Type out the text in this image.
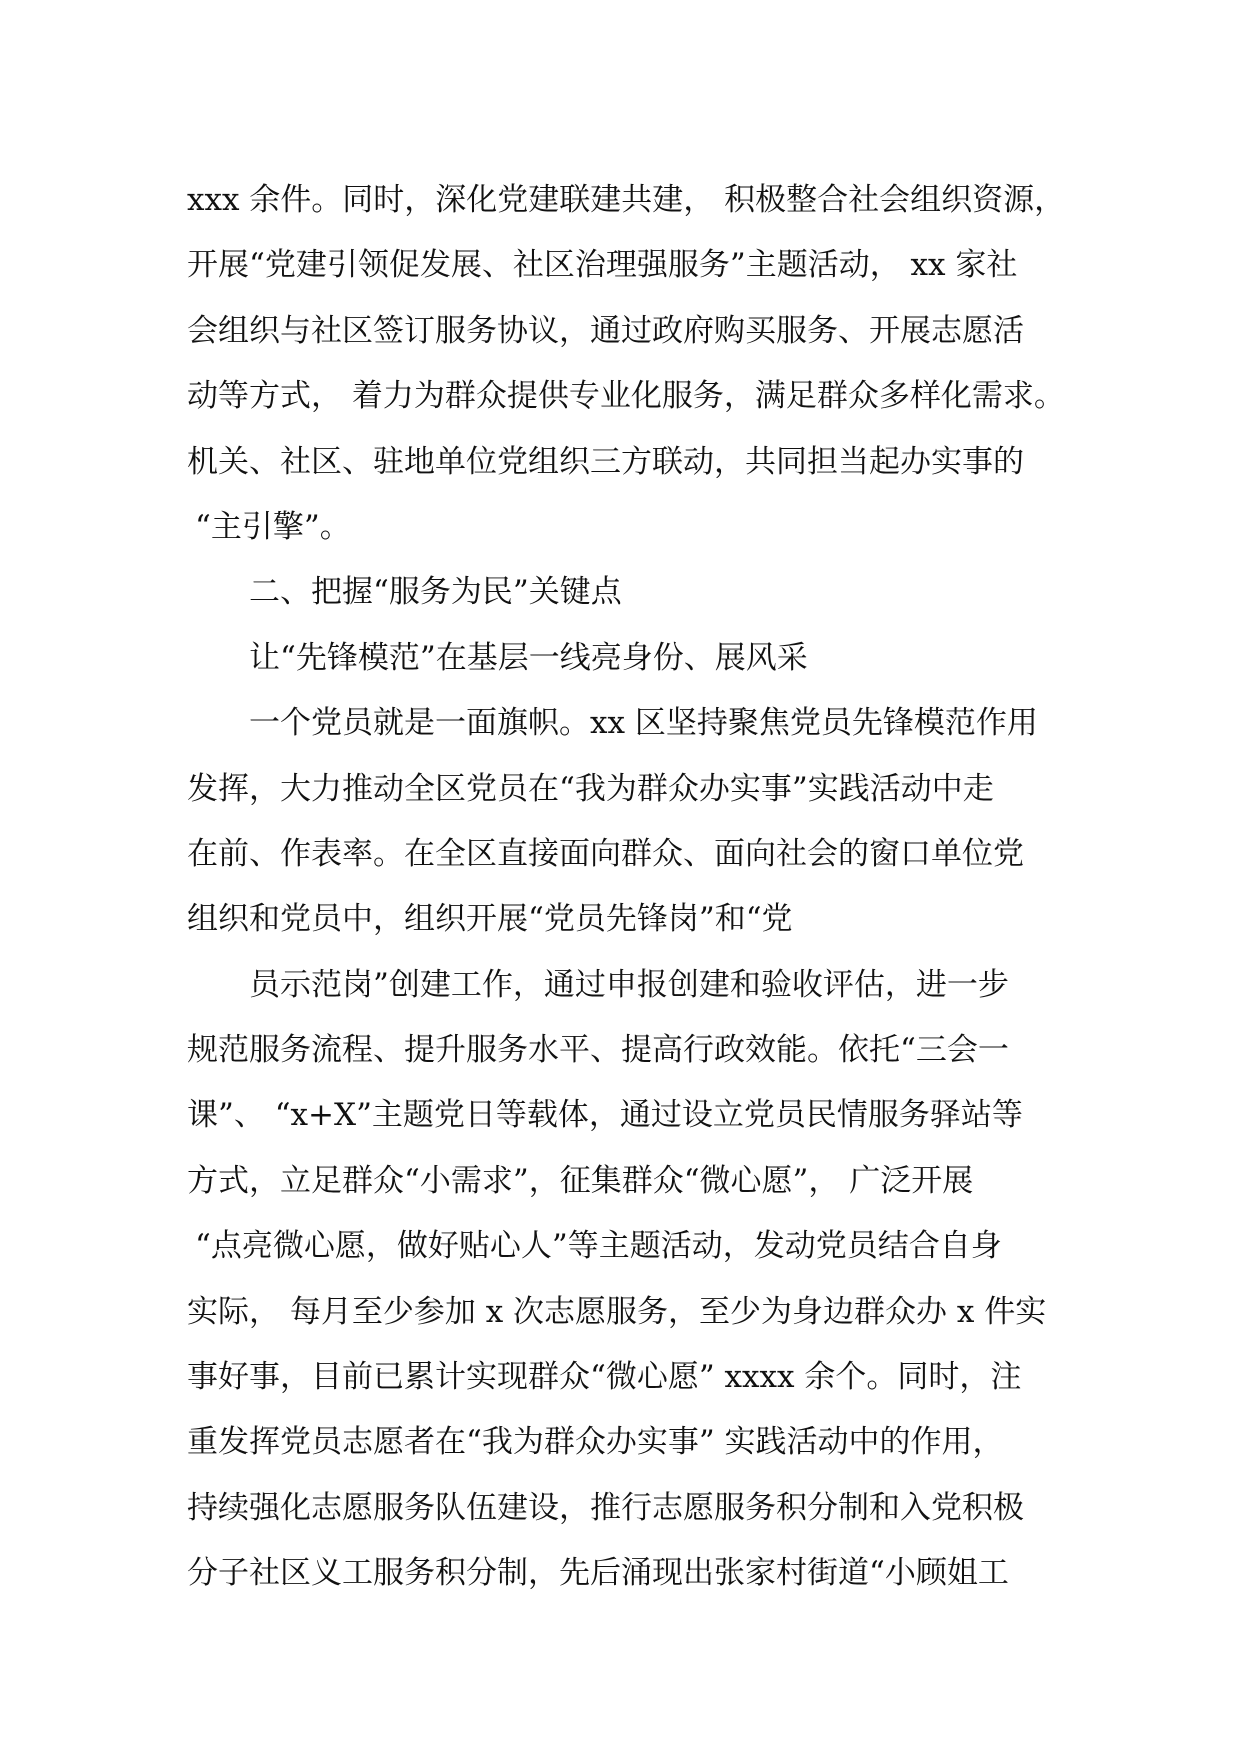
xxx 余件。同时，深化党建联建共建， 积极整合社会组织资源，

开展“党建引领促发展、社区治理强服务”主题活动， xx 家社

会组织与社区签订服务协议，通过政府购买服务、开展志愿活

动等方式， 着力为群众提供专业化服务，满足群众多样化需求。

机关、社区、驻地单位党组织三方联动，共同担当起办实事的

“主引擎”。

二、把握“服务为民”关键点

让“先锋模范”在基层一线亮身份、展风采

一个党员就是一面旗帜。xx 区坚持聚焦党员先锋模范作用

发挥，大力推动全区党员在“我为群众办实事”实践活动中走

在前、作表率。在全区直接面向群众、面向社会的窗口单位党

组织和党员中，组织开展“党员先锋岗”和“党

员示范岗”创建工作，通过申报创建和验收评估，进一步

规范服务流程、提升服务水平、提高行政效能。依托“三会一

课”、 “x+X”主题党日等载体，通过设立党员民情服务驿站等

方式，立足群众“小需求”，征集群众“微心愿”， 广泛开展

“点亮微心愿，做好贴心人”等主题活动，发动党员结合自身

实际， 每月至少参加 x 次志愿服务，至少为身边群众办 x 件实

事好事，目前已累计实现群众“微心愿” xxxx 余个。同时，注

重发挥党员志愿者在“我为群众办实事” 实践活动中的作用，

持续强化志愿服务队伍建设，推行志愿服务积分制和入党积极

分子社区义工服务积分制，先后涌现出张家村街道“小顾姐工
